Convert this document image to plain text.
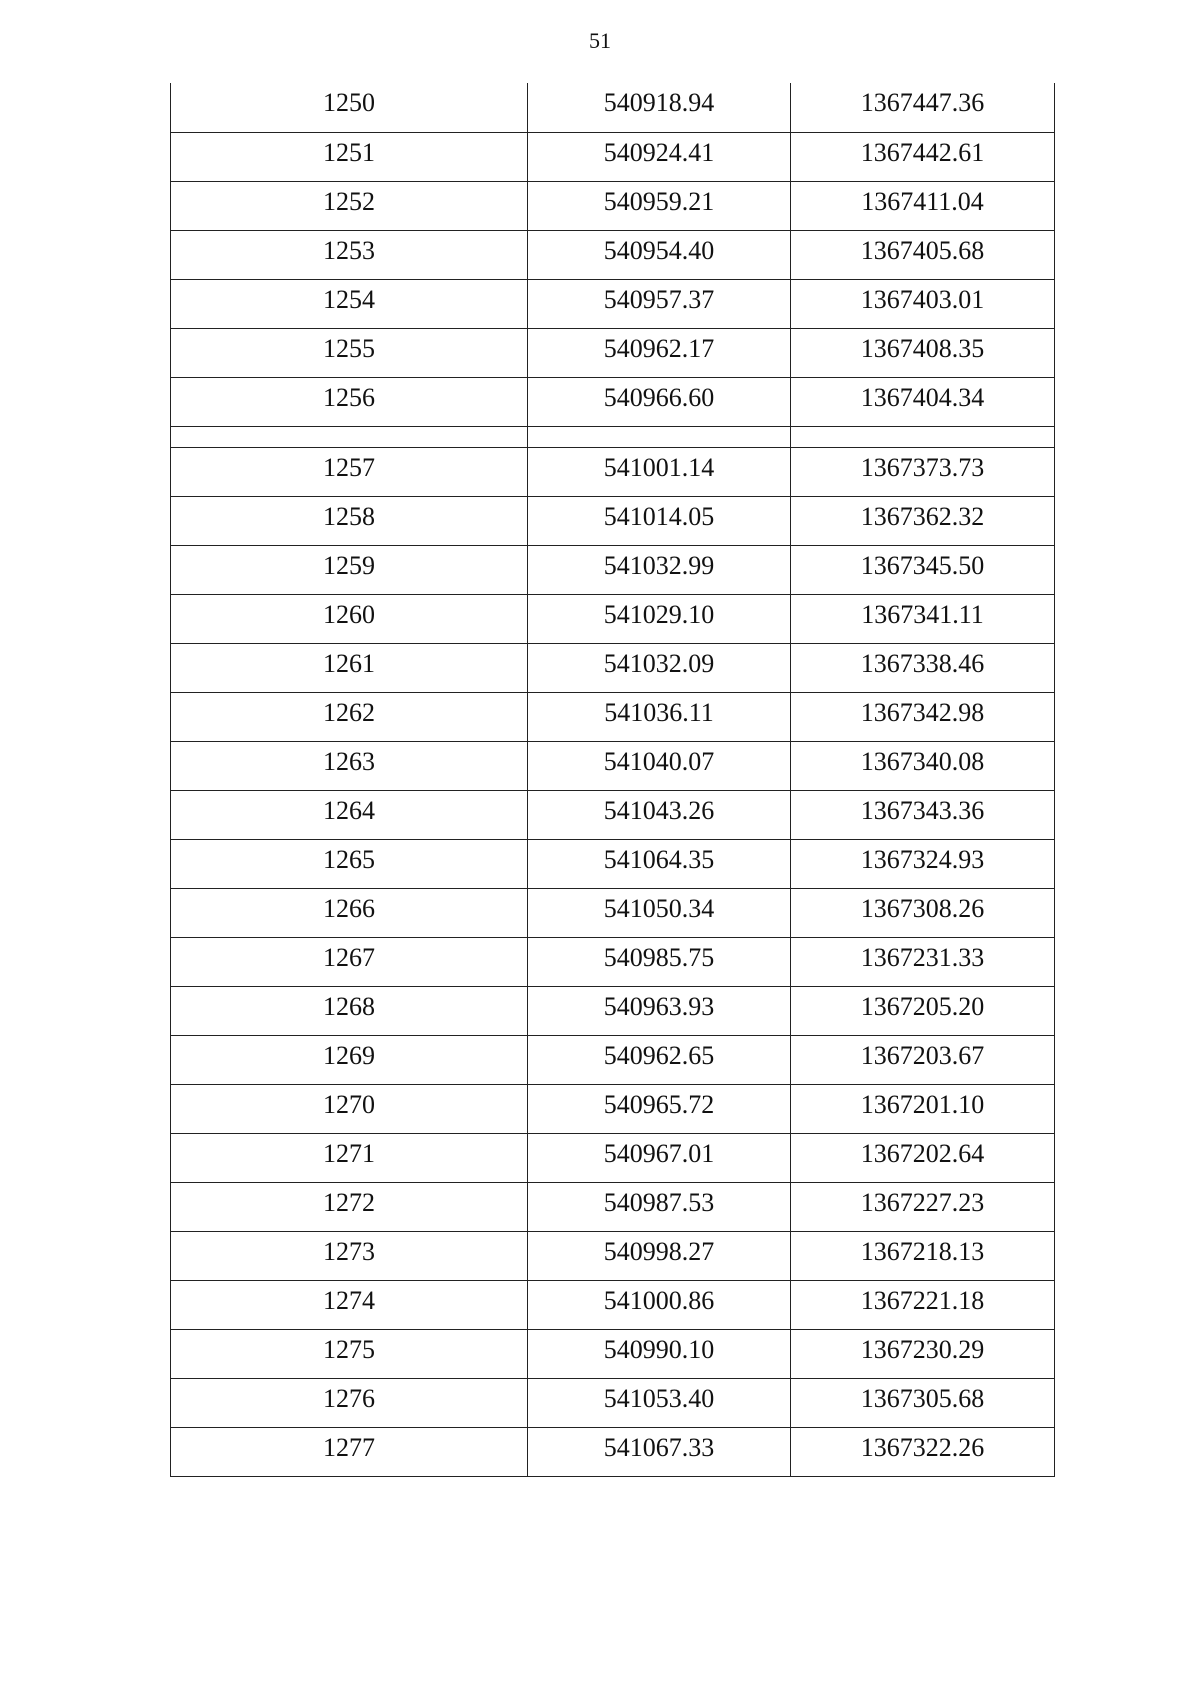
51
1250	540918.94	1367447.36
1251	540924.41	1367442.61
1252	540959.21	1367411.04
1253	540954.40	1367405.68
1254	540957.37	1367403.01
1255	540962.17	1367408.35
1256	540966.60	1367404.34

1257	541001.14	1367373.73
1258	541014.05	1367362.32
1259	541032.99	1367345.50
1260	541029.10	1367341.11
1261	541032.09	1367338.46
1262	541036.11	1367342.98
1263	541040.07	1367340.08
1264	541043.26	1367343.36
1265	541064.35	1367324.93
1266	541050.34	1367308.26
1267	540985.75	1367231.33
1268	540963.93	1367205.20
1269	540962.65	1367203.67
1270	540965.72	1367201.10
1271	540967.01	1367202.64
1272	540987.53	1367227.23
1273	540998.27	1367218.13
1274	541000.86	1367221.18
1275	540990.10	1367230.29
1276	541053.40	1367305.68
1277	541067.33	1367322.26
